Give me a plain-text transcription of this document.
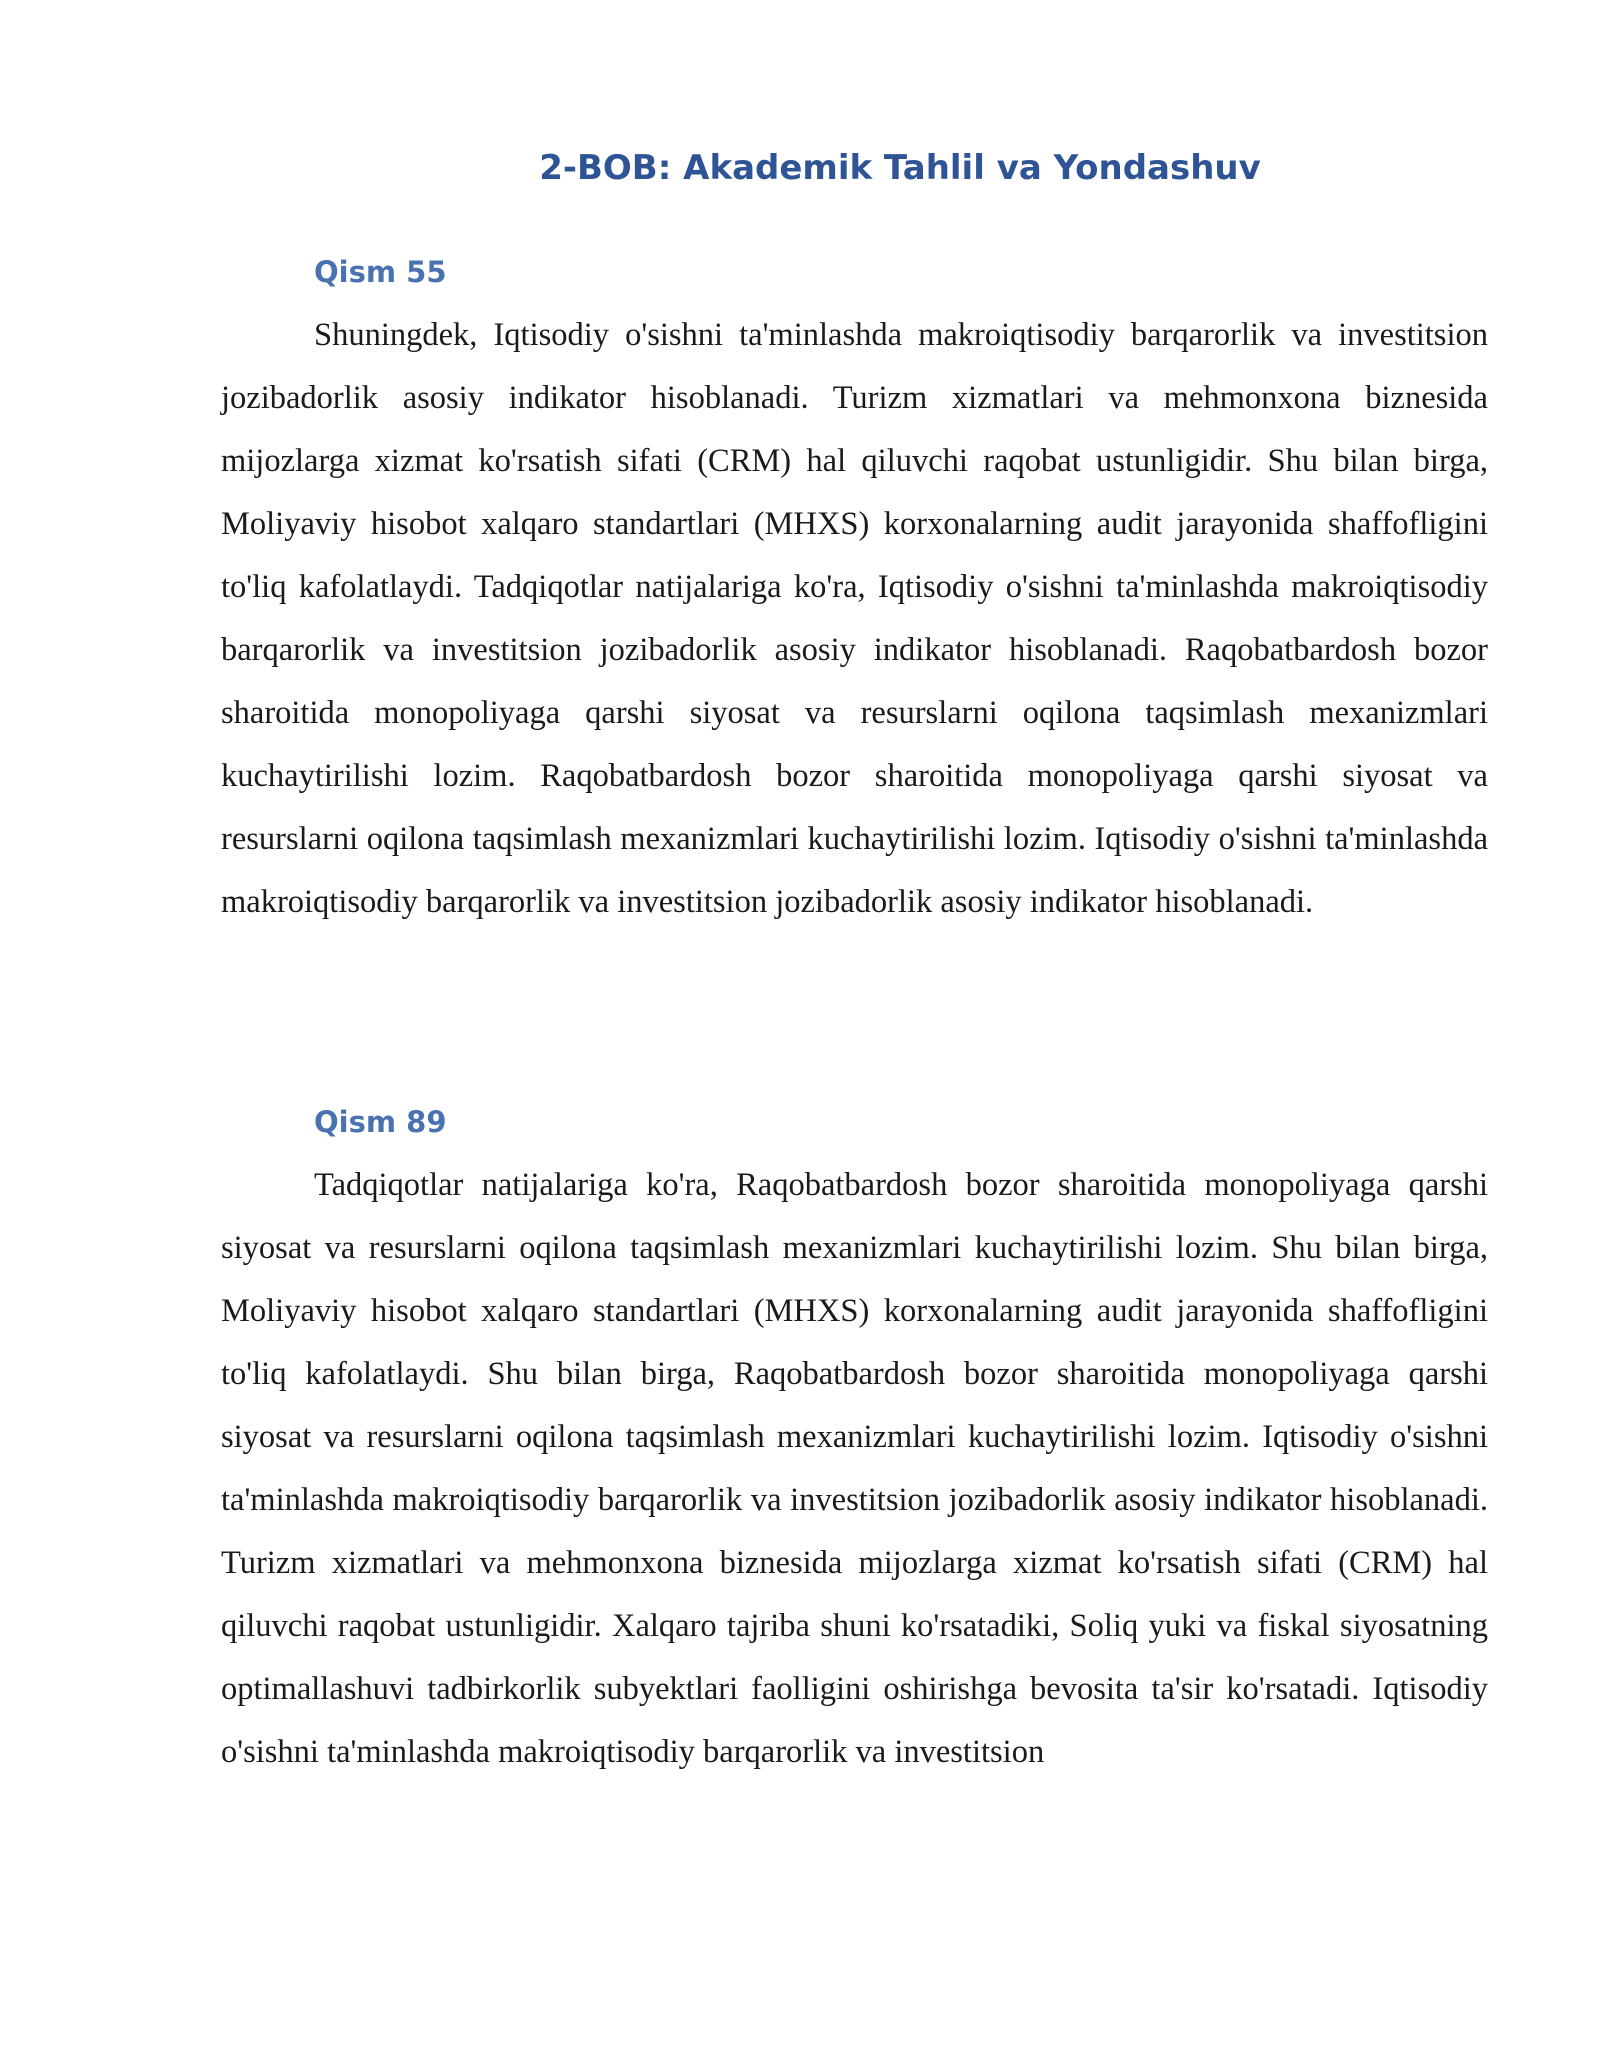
2-BOB: Akademik Tahlil va Yondashuv
Qism 55

Shuningdek, Iqtisodiy o'sishni ta'minlashda makroiqtisodiy barqarorlik va investitsion jozibadorlik asosiy indikator hisoblanadi. Turizm xizmatlari va mehmonxona biznesida mijozlarga xizmat ko'rsatish sifati (CRM) hal qiluvchi raqobat ustunligidir. Shu bilan birga, Moliyaviy hisobot xalqaro standartlari (MHXS) korxonalarning audit jarayonida shaffofligini to'liq kafolatlaydi. Tadqiqotlar natijalariga ko'ra, Iqtisodiy o'sishni ta'minlashda makroiqtisodiy barqarorlik va investitsion jozibadorlik asosiy indikator hisoblanadi. Raqobatbardosh bozor sharoitida monopoliyaga qarshi siyosat va resurslarni oqilona taqsimlash mexanizmlari kuchaytirilishi lozim. Raqobatbardosh bozor sharoitida monopoliyaga qarshi siyosat va resurslarni oqilona taqsimlash mexanizmlari kuchaytirilishi lozim. Iqtisodiy o'sishni ta'minlashda makroiqtisodiy barqarorlik va investitsion jozibadorlik asosiy indikator hisoblanadi.

Qism 89

Tadqiqotlar natijalariga ko'ra, Raqobatbardosh bozor sharoitida monopoliyaga qarshi siyosat va resurslarni oqilona taqsimlash mexanizmlari kuchaytirilishi lozim. Shu bilan birga, Moliyaviy hisobot xalqaro standartlari (MHXS) korxonalarning audit jarayonida shaffofligini to'liq kafolatlaydi. Shu bilan birga, Raqobatbardosh bozor sharoitida monopoliyaga qarshi siyosat va resurslarni oqilona taqsimlash mexanizmlari kuchaytirilishi lozim. Iqtisodiy o'sishni ta'minlashda makroiqtisodiy barqarorlik va investitsion jozibadorlik asosiy indikator hisoblanadi. Turizm xizmatlari va mehmonxona biznesida mijozlarga xizmat ko'rsatish sifati (CRM) hal qiluvchi raqobat ustunligidir. Xalqaro tajriba shuni ko'rsatadiki, Soliq yuki va fiskal siyosatning optimallashuvi tadbirkorlik subyektlari faolligini oshirishga bevosita ta'sir ko'rsatadi. Iqtisodiy o'sishni ta'minlashda makroiqtisodiy barqarorlik va investitsion
